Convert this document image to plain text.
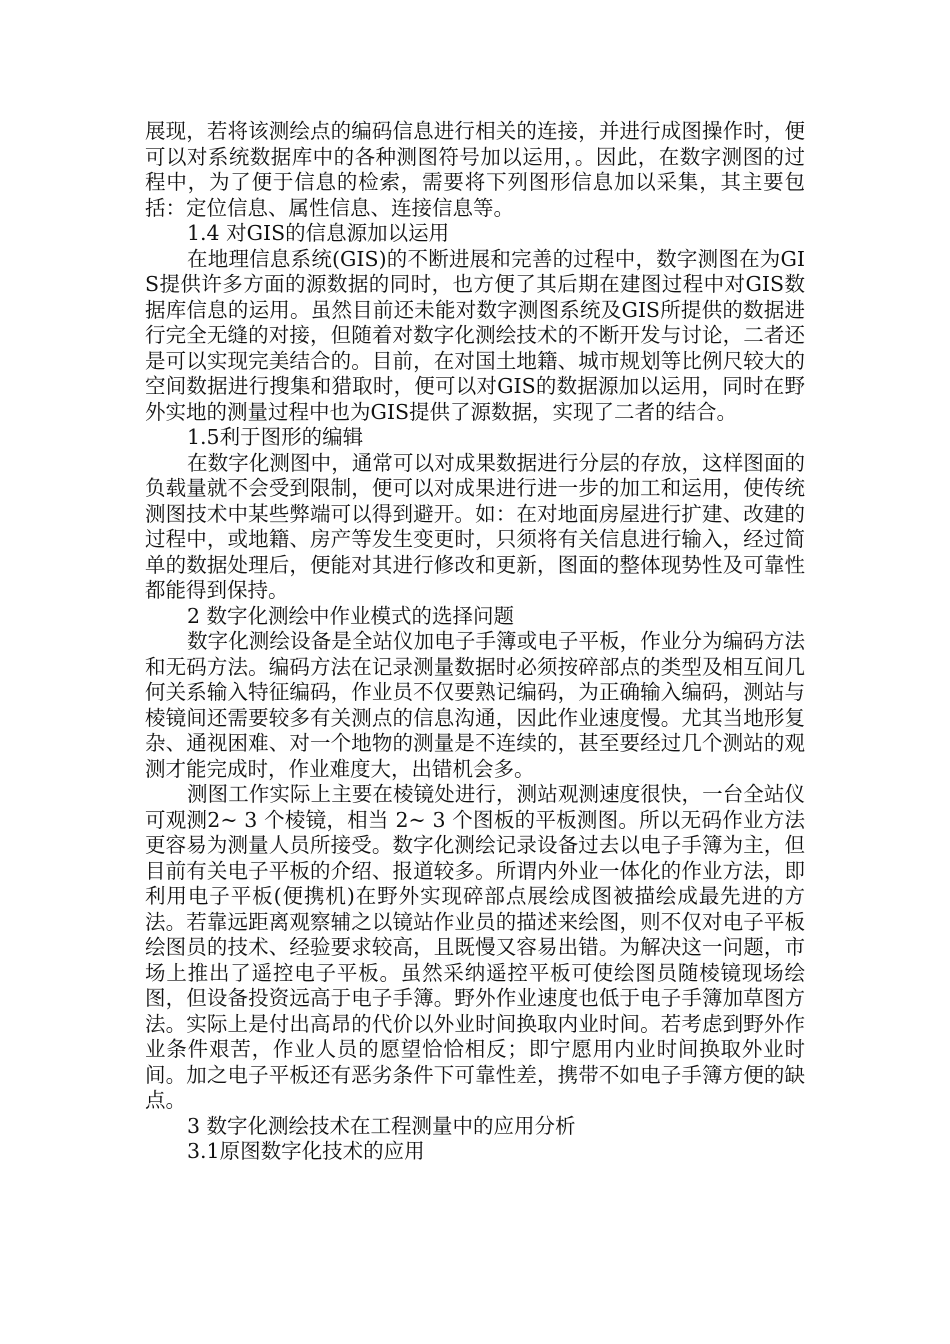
展现，若将该测绘点的编码信息进行相关的连接，并进行成图操作时，便可以对系统数据库中的各种测图符号加以运用，。因此，在数字测图的过程中，为了便于信息的检索，需要将下列图形信息加以采集，其主要包括：定位信息、属性信息、连接信息等。

1.4 对GIS的信息源加以运用

在地理信息系统(GIS)的不断进展和完善的过程中，数字测图在为GIS提供许多方面的源数据的同时，也方便了其后期在建图过程中对GIS数据库信息的运用。虽然目前还未能对数字测图系统及GIS所提供的数据进行完全无缝的对接，但随着对数字化测绘技术的不断开发与讨论，二者还是可以实现完美结合的。目前，在对国土地籍、城市规划等比例尺较大的空间数据进行搜集和猎取时，便可以对GIS的数据源加以运用，同时在野外实地的测量过程中也为GIS提供了源数据，实现了二者的结合。

1.5利于图形的编辑

在数字化测图中，通常可以对成果数据进行分层的存放，这样图面的负载量就不会受到限制，便可以对成果进行进一步的加工和运用，使传统测图技术中某些弊端可以得到避开。如：在对地面房屋进行扩建、改建的过程中，或地籍、房产等发生变更时，只须将有关信息进行输入，经过简单的数据处理后，便能对其进行修改和更新，图面的整体现势性及可靠性都能得到保持。

2 数字化测绘中作业模式的选择问题

数字化测绘设备是全站仪加电子手簿或电子平板，作业分为编码方法和无码方法。编码方法在记录测量数据时必须按碎部点的类型及相互间几何关系输入特征编码，作业员不仅要熟记编码，为正确输入编码，测站与棱镜间还需要较多有关测点的信息沟通，因此作业速度慢。尤其当地形复杂、通视困难、对一个地物的测量是不连续的，甚至要经过几个测站的观测才能完成时，作业难度大，出错机会多。

测图工作实际上主要在棱镜处进行，测站观测速度很快，一台全站仪可观测2~ 3 个棱镜，相当 2~ 3 个图板的平板测图。所以无码作业方法更容易为测量人员所接受。数字化测绘记录设备过去以电子手簿为主，但目前有关电子平板的介绍、报道较多。所谓内外业一体化的作业方法，即利用电子平板(便携机)在野外实现碎部点展绘成图被描绘成最先进的方法。若靠远距离观察辅之以镜站作业员的描述来绘图，则不仅对电子平板绘图员的技术、经验要求较高，且既慢又容易出错。为解决这一问题，市场上推出了遥控电子平板。虽然采纳遥控平板可使绘图员随棱镜现场绘图，但设备投资远高于电子手簿。野外作业速度也低于电子手簿加草图方法。实际上是付出高昂的代价以外业时间换取内业时间。若考虑到野外作业条件艰苦，作业人员的愿望恰恰相反；即宁愿用内业时间换取外业时间。加之电子平板还有恶劣条件下可靠性差，携带不如电子手簿方便的缺点。

3 数字化测绘技术在工程测量中的应用分析

3.1原图数字化技术的应用
